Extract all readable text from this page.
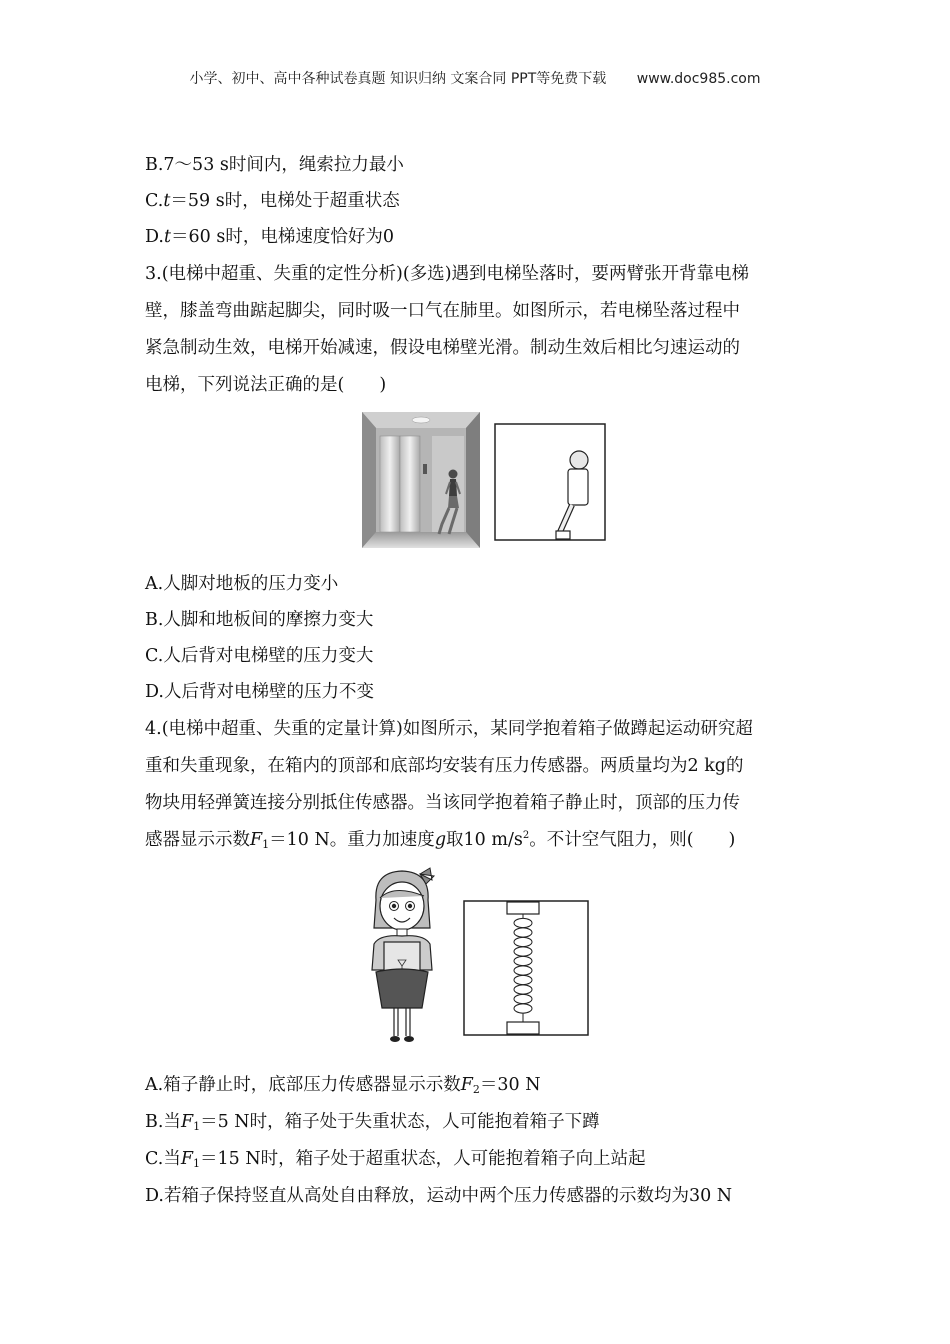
小学、初中、高中各种试卷真题 知识归纳 文案合同 PPT等免费下载 www.doc985.com
B.7～53 s时间内，绳索拉力最小
C.t＝59 s时，电梯处于超重状态
D.t＝60 s时，电梯速度恰好为0
3.(电梯中超重、失重的定性分析)(多选)遇到电梯坠落时，要两臂张开背靠电梯
壁，膝盖弯曲踮起脚尖，同时吸一口气在肺里。如图所示，若电梯坠落过程中
紧急制动生效，电梯开始减速，假设电梯壁光滑。制动生效后相比匀速运动的
电梯，下列说法正确的是(　　)
A.人脚对地板的压力变小
B.人脚和地板间的摩擦力变大
C.人后背对电梯壁的压力变大
D.人后背对电梯壁的压力不变
4.(电梯中超重、失重的定量计算)如图所示，某同学抱着箱子做蹲起运动研究超
重和失重现象，在箱内的顶部和底部均安装有压力传感器。两质量均为2 kg的
物块用轻弹簧连接分别抵住传感器。当该同学抱着箱子静止时，顶部的压力传
感器显示示数$F_1=10$ N。重力加速度g取10 $m/s^2$。不计空气阻力，则(　　)
A.箱子静止时，底部压力传感器显示示数$F_2=30$ N
B.当$F_1=5$ N时，箱子处于失重状态，人可能抱着箱子下蹲
C.当$F_1=15$ N时，箱子处于超重状态，人可能抱着箱子向上站起
D.若箱子保持竖直从高处自由释放，运动中两个压力传感器的示数均为30 N
